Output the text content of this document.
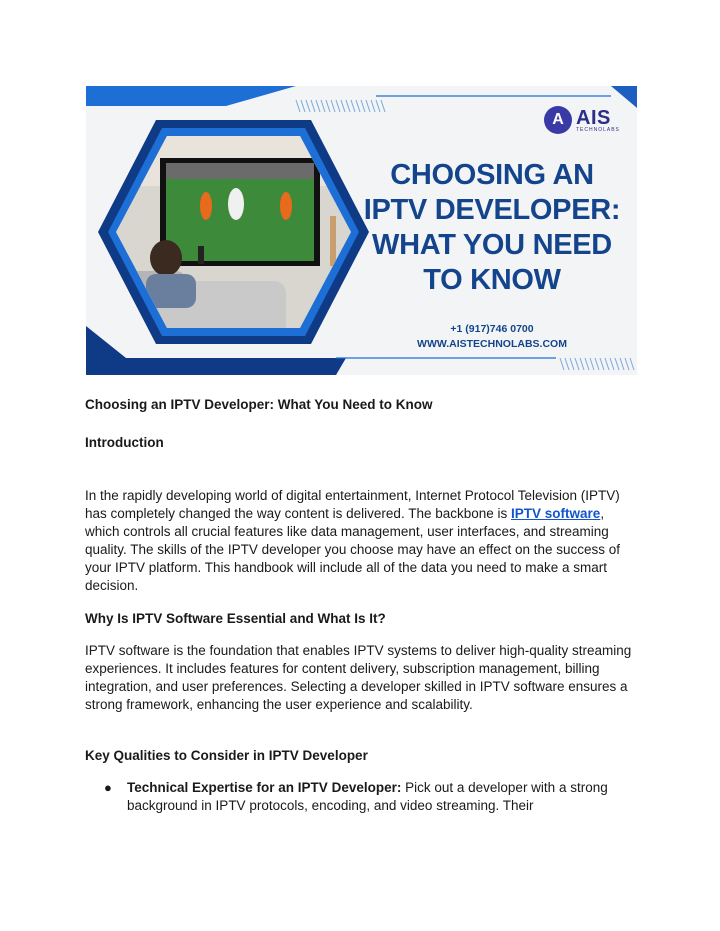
A AIS
TECHNOLABS
CHOOSING AN
IPTV DEVELOPER:
WHAT YOU NEED
TO KNOW
+1 (917)746 0700
WWW.AISTECHNOLABS.COM
Choosing an IPTV Developer: What You Need to Know
Introduction
In the rapidly developing world of digital entertainment, Internet Protocol Television (IPTV) has completely changed the way content is delivered. The backbone is IPTV software, which controls all crucial features like data management, user interfaces, and streaming quality. The skills of the IPTV developer you choose may have an effect on the success of your IPTV platform. This handbook will include all of the data you need to make a smart decision.
Why Is IPTV Software Essential and What Is It?
IPTV software is the foundation that enables IPTV systems to deliver high-quality streaming experiences. It includes features for content delivery, subscription management, billing integration, and user preferences. Selecting a developer skilled in IPTV software ensures a strong framework, enhancing the user experience and scalability.
Key Qualities to Consider in IPTV Developer
● Technical Expertise for an IPTV Developer: Pick out a developer with a strong background in IPTV protocols, encoding, and video streaming. Their
